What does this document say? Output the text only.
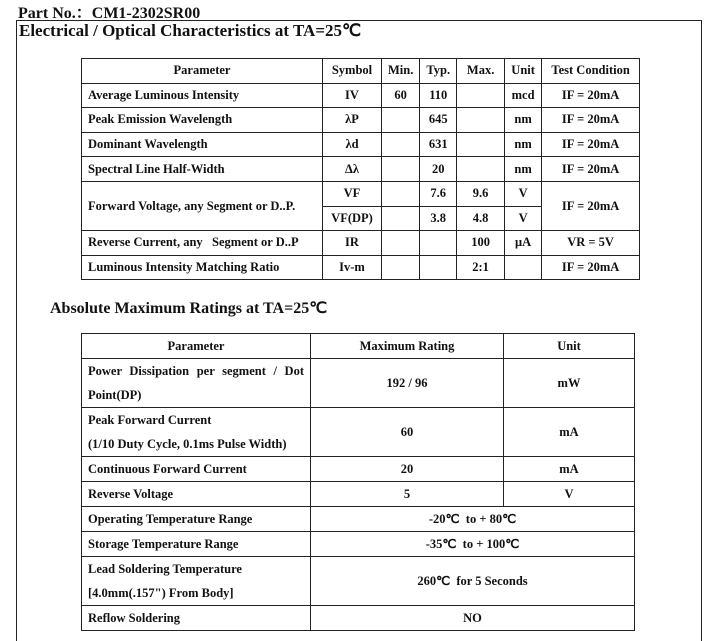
Part No.：CM1-2302SR00
Electrical / Optical Characteristics at TA=25℃
Parameter	Symbol	Min.	Typ.	Max.	Unit	Test Condition
Average Luminous Intensity	IV	60	110		mcd	IF = 20mA
Peak Emission Wavelength	λP		645		nm	IF = 20mA
Dominant Wavelength	λd		631		nm	IF = 20mA
Spectral Line Half-Width	Δλ		20		nm	IF = 20mA
Forward Voltage, any Segment or D..P.	VF		7.6	9.6	V	IF = 20mA
	VF(DP)		3.8	4.8	V	
Reverse Current, any   Segment or D..P	IR			100	μA	VR = 5V
Luminous Intensity Matching Ratio	Iv-m			2:1		IF = 20mA
Absolute Maximum Ratings at TA=25℃
Parameter	Maximum Rating	Unit
Power Dissipation per segment / Dot Point(DP)	192 / 96	mW

Peak Forward Current
(1/10 Duty Cycle, 0.1ms Pulse Width)	60	mA
Continuous Forward Current	20	mA
Reverse Voltage	5	V
Operating Temperature Range	-20℃  to + 80℃	
Storage Temperature Range	-35℃  to + 100℃	

Lead Soldering Temperature
[4.0mm(.157") From Body]	260℃  for 5 Seconds	
Reflow Soldering	NO	
